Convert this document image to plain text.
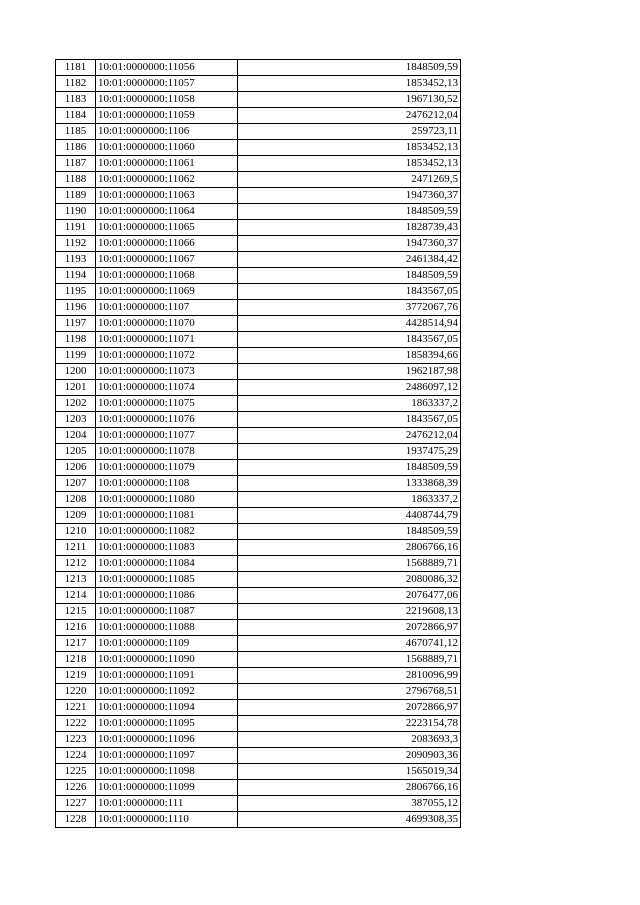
1181	10:01:0000000:11056	1848509,59
1182	10:01:0000000:11057	1853452,13
1183	10:01:0000000:11058	1967130,52
1184	10:01:0000000:11059	2476212,04
1185	10:01:0000000:1106	259723,11
1186	10:01:0000000:11060	1853452,13
1187	10:01:0000000:11061	1853452,13
1188	10:01:0000000:11062	2471269,5
1189	10:01:0000000:11063	1947360,37
1190	10:01:0000000:11064	1848509,59
1191	10:01:0000000:11065	1828739,43
1192	10:01:0000000:11066	1947360,37
1193	10:01:0000000:11067	2461384,42
1194	10:01:0000000:11068	1848509,59
1195	10:01:0000000:11069	1843567,05
1196	10:01:0000000:1107	3772067,76
1197	10:01:0000000:11070	4428514,94
1198	10:01:0000000:11071	1843567,05
1199	10:01:0000000:11072	1858394,66
1200	10:01:0000000:11073	1962187,98
1201	10:01:0000000:11074	2486097,12
1202	10:01:0000000:11075	1863337,2
1203	10:01:0000000:11076	1843567,05
1204	10:01:0000000:11077	2476212,04
1205	10:01:0000000:11078	1937475,29
1206	10:01:0000000:11079	1848509,59
1207	10:01:0000000:1108	1333868,39
1208	10:01:0000000:11080	1863337,2
1209	10:01:0000000:11081	4408744,79
1210	10:01:0000000:11082	1848509,59
1211	10:01:0000000:11083	2806766,16
1212	10:01:0000000:11084	1568889,71
1213	10:01:0000000:11085	2080086,32
1214	10:01:0000000:11086	2076477,06
1215	10:01:0000000:11087	2219608,13
1216	10:01:0000000:11088	2072866,97
1217	10:01:0000000:1109	4670741,12
1218	10:01:0000000:11090	1568889,71
1219	10:01:0000000:11091	2810096,99
1220	10:01:0000000:11092	2796768,51
1221	10:01:0000000:11094	2072866,97
1222	10:01:0000000:11095	2223154,78
1223	10:01:0000000:11096	2083693,3
1224	10:01:0000000:11097	2090903,36
1225	10:01:0000000:11098	1565019,34
1226	10:01:0000000:11099	2806766,16
1227	10:01:0000000:111	387055,12
1228	10:01:0000000:1110	4699308,35
